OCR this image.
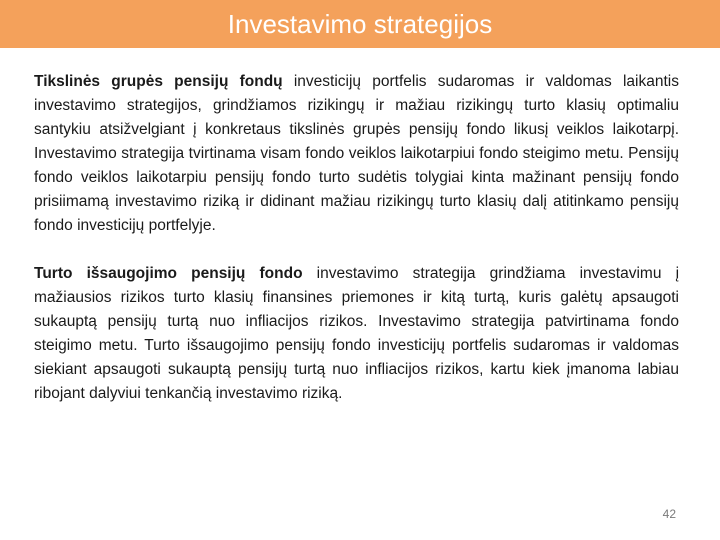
Investavimo strategijos

Tikslinės grupės pensijų fondų investicijų portfelis sudaromas ir valdomas laikantis investavimo strategijos, grindžiamos rizikingų ir mažiau rizikingų turto klasių optimaliu santykiu atsižvelgiant į konkretaus tikslinės grupės pensijų fondo likusį veiklos laikotarpį. Investavimo strategija tvirtinama visam fondo veiklos laikotarpiui fondo steigimo metu. Pensijų fondo veiklos laikotarpiu pensijų fondo turto sudėtis tolygiai kinta mažinant pensijų fondo prisiimamą investavimo riziką ir didinant mažiau rizikingų turto klasių dalį atitinkamo pensijų fondo investicijų portfelyje.

Turto išsaugojimo pensijų fondo investavimo strategija grindžiama investavimu į mažiausios rizikos turto klasių finansines priemones ir kitą turtą, kuris galėtų apsaugoti sukauptą pensijų turtą nuo infliacijos rizikos. Investavimo strategija patvirtinama fondo steigimo metu. Turto išsaugojimo pensijų fondo investicijų portfelis sudaromas ir valdomas siekiant apsaugoti sukauptą pensijų turtą nuo infliacijos rizikos, kartu kiek įmanoma labiau ribojant dalyviui tenkančią investavimo riziką.

42
